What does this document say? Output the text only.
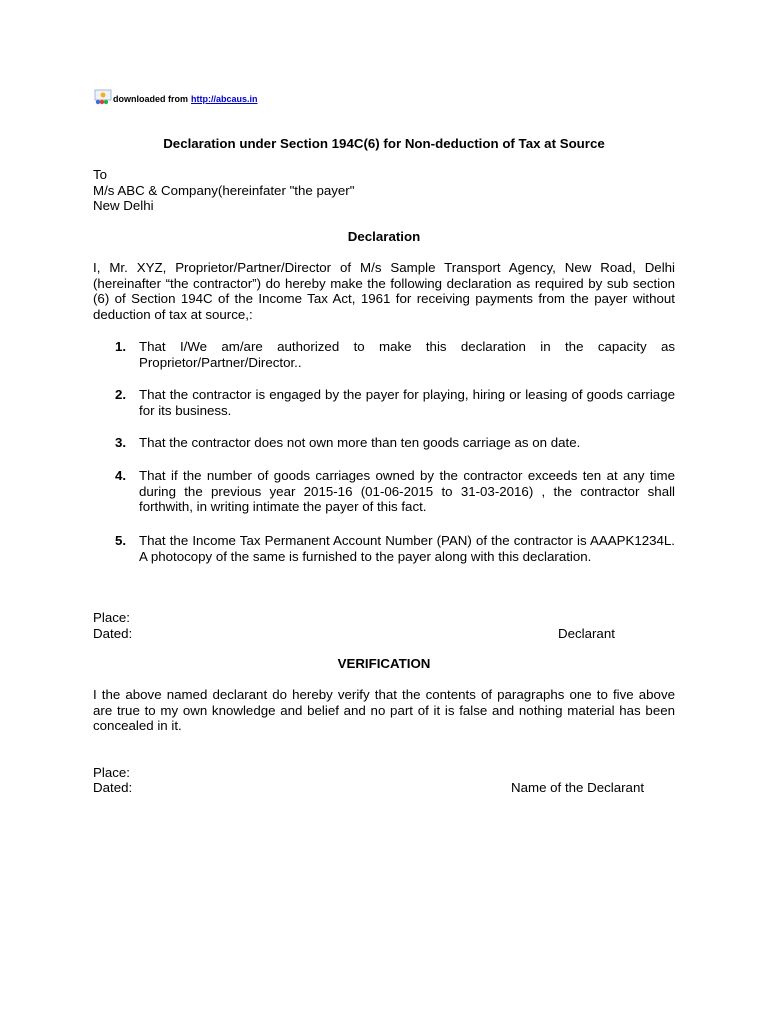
downloaded from http://abcaus.in
Declaration under Section 194C(6) for Non-deduction of Tax at Source
To
M/s ABC & Company(hereinfater "the payer"
New Delhi
Declaration
I, Mr. XYZ, Proprietor/Partner/Director of M/s Sample Transport Agency, New Road, Delhi (hereinafter “the contractor”) do hereby make the following declaration as required by sub section (6) of Section 194C of the Income Tax Act, 1961 for receiving payments from the payer without deduction of tax at source,:
1. That I/We am/are authorized to make this declaration in the capacity as Proprietor/Partner/Director..
2. That the contractor is engaged by the payer for playing, hiring or leasing of goods carriage for its business.
3. That the contractor does not own more than ten goods carriage as on date.
4. That if the number of goods carriages owned by the contractor exceeds ten at any time during the previous year 2015-16 (01-06-2015 to 31-03-2016) , the contractor shall forthwith, in writing intimate the payer of this fact.
5. That the Income Tax Permanent Account Number (PAN) of the contractor is AAAPK1234L. A photocopy of the same is furnished to the payer along with this declaration.
Place:
Dated:	Declarant
VERIFICATION
I the above named declarant do hereby verify that the contents of paragraphs one to five above are true to my own knowledge and belief and no part of it is false and nothing material has been concealed in it.
Place:
Dated:	Name of the Declarant
